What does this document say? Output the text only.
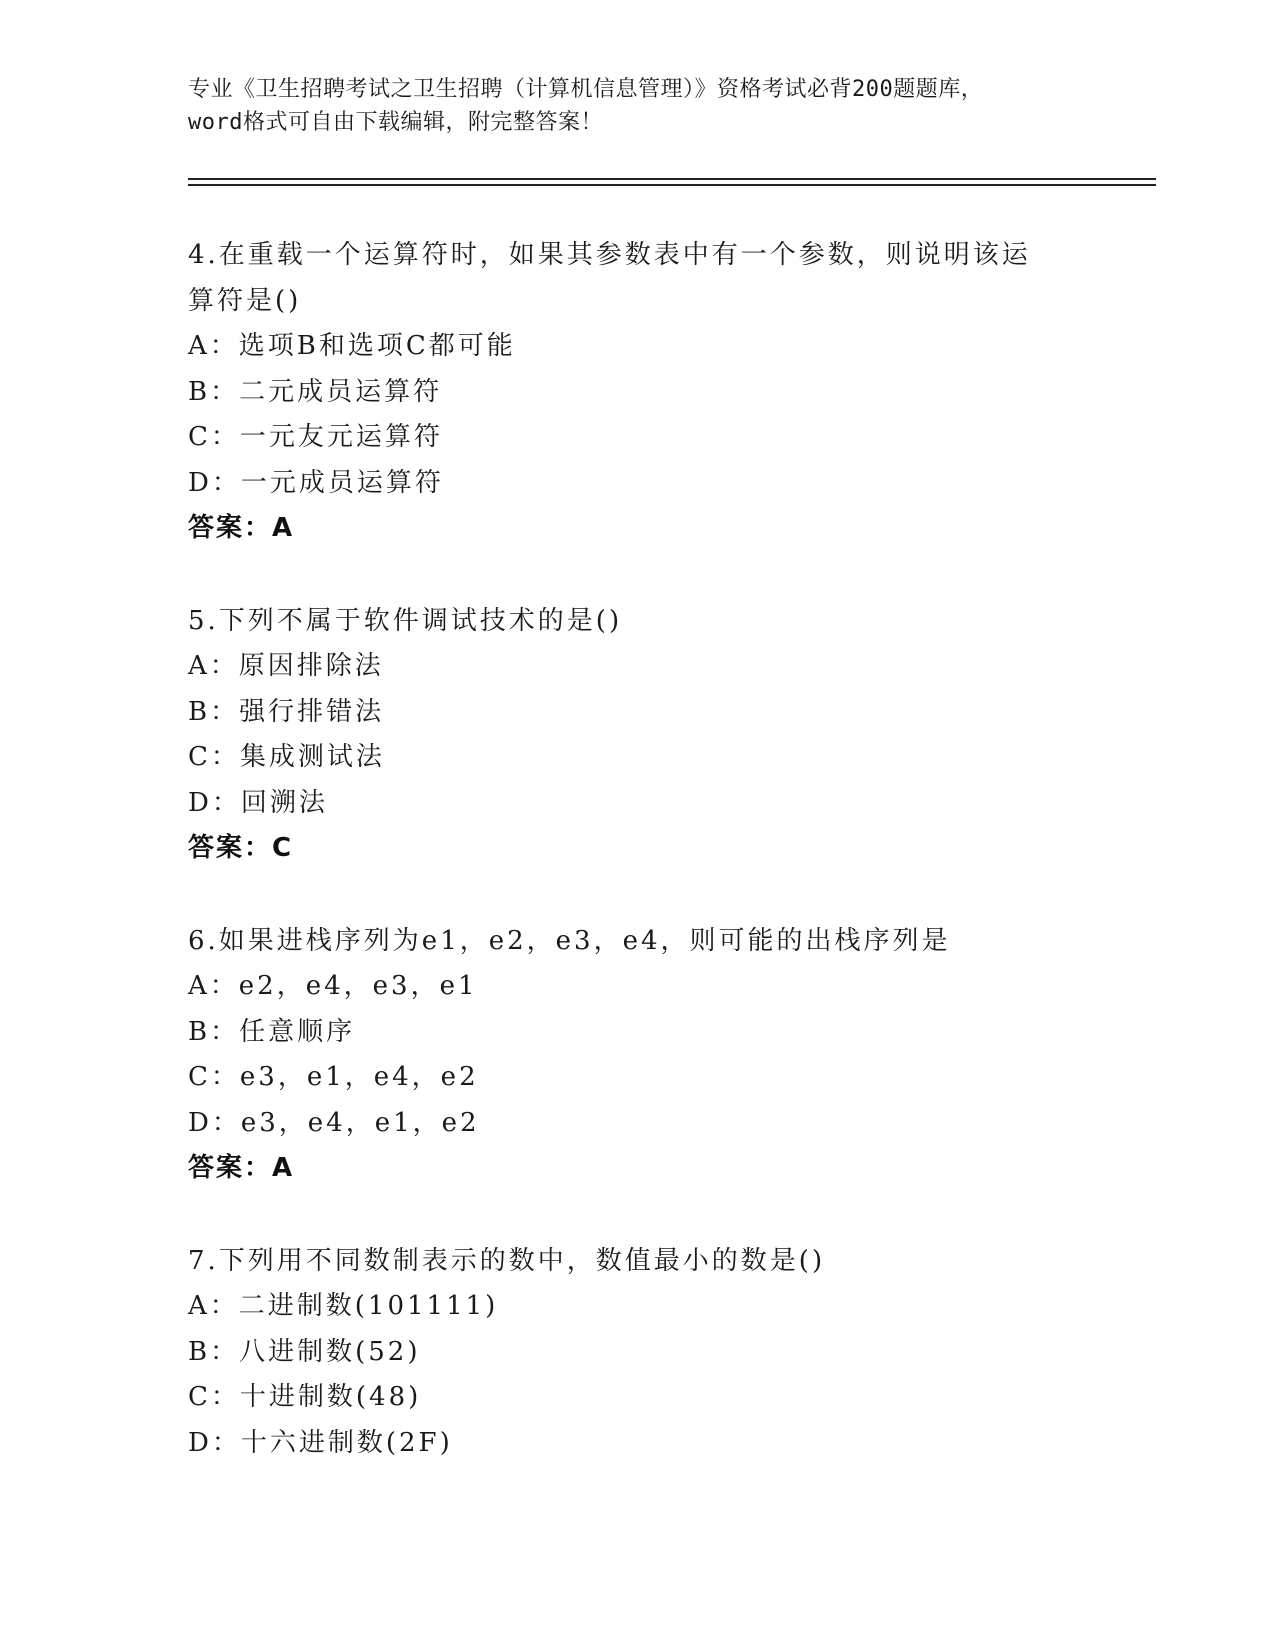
专业《卫生招聘考试之卫生招聘（计算机信息管理）》资格考试必背200题题库，
word格式可自由下载编辑，附完整答案！
4.在重载一个运算符时，如果其参数表中有一个参数，则说明该运算符是()
A：选项B和选项C都可能
B：二元成员运算符
C：一元友元运算符
D：一元成员运算符
答案：A
5.下列不属于软件调试技术的是()
A：原因排除法
B：强行排错法
C：集成测试法
D：回溯法
答案：C
6.如果进栈序列为e1，e2，e3，e4，则可能的出栈序列是
A：e2，e4，e3，e1
B：任意顺序
C：e3，e1，e4，e2
D：e3，e4，e1，e2
答案：A
7.下列用不同数制表示的数中，数值最小的数是()
A：二进制数(101111)
B：八进制数(52)
C：十进制数(48)
D：十六进制数(2F)
